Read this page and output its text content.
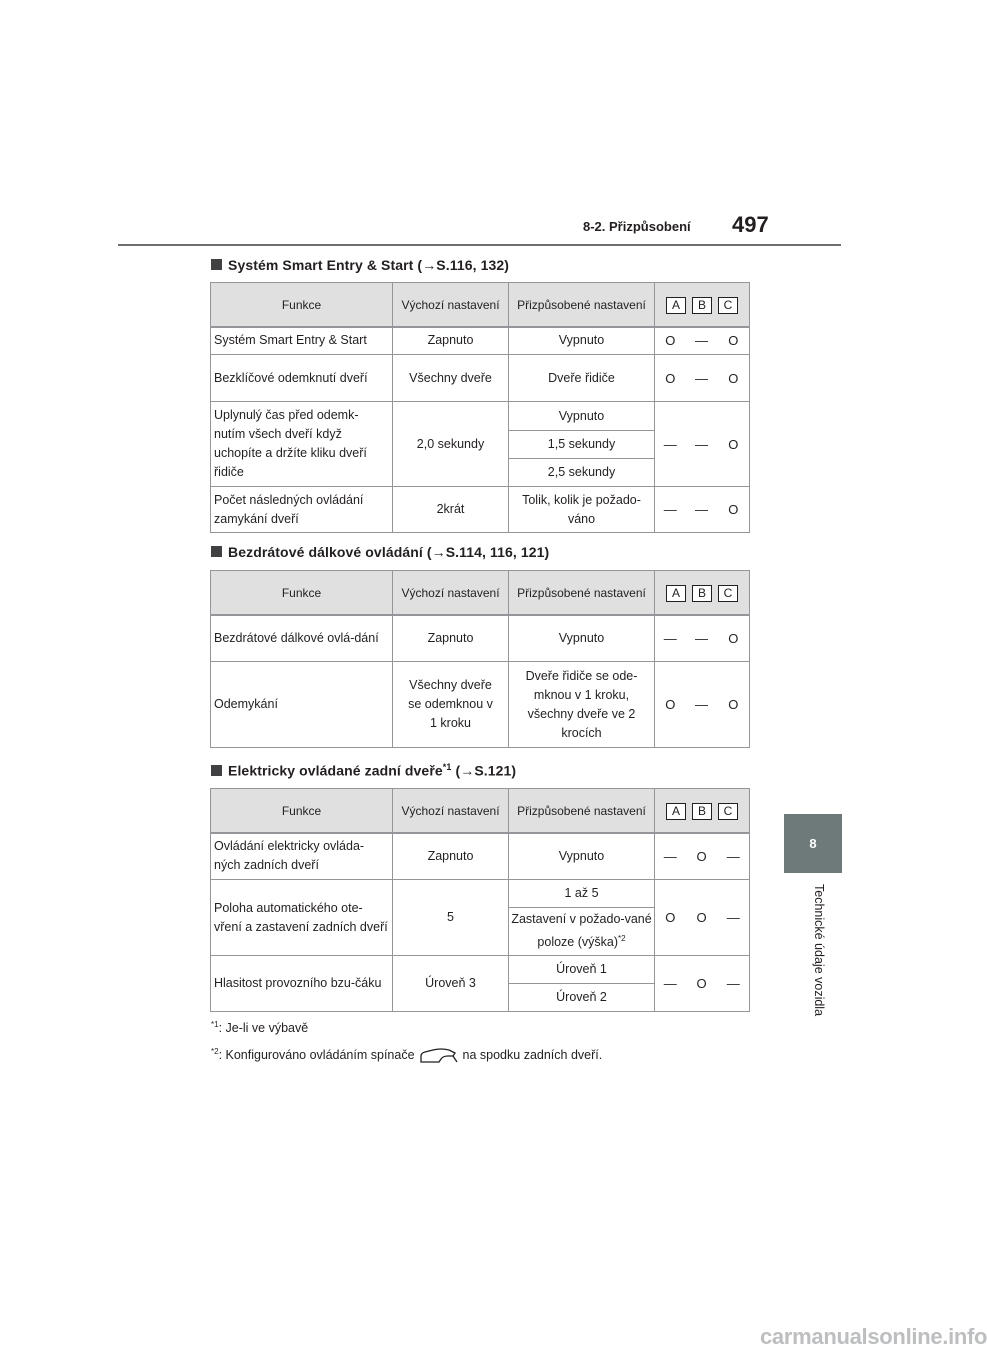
8-2. Přizpůsobení 497
8
Technické údaje vozidla
Systém Smart Entry & Start (→S.116, 132)
Funkce	Výchozí nastavení	Přizpůsobené nastavení	A	B	C
Systém Smart Entry & Start	Zapnuto	Vypnuto	O	—	O
Bezklíčové odemknutí dveří	Všechny dveře	Dveře řidiče	O	—	O
Uplynulý čas před odemk-nutím všech dveří když uchopíte a držíte kliku dveří řidiče	2,0 sekundy	Vypnuto	—	—	O
		1,5 sekundy			
		2,5 sekundy			
Počet následných ovládání zamykání dveří	2krát	Tolik, kolik je požado-váno	—	—	O
Bezdrátové dálkové ovládání (→S.114, 116, 121)
Funkce	Výchozí nastavení	Přizpůsobené nastavení	A	B	C
Bezdrátové dálkové ovlá-dání	Zapnuto	Vypnuto	—	—	O
Odemykání	Všechny dveře se odemknou v 1 kroku	Dveře řidiče se ode-mknou v 1 kroku, všechny dveře ve 2 krocích	O	—	O
Elektricky ovládané zadní dveře$^{*1}$ (→S.121)
Funkce	Výchozí nastavení	Přizpůsobené nastavení	A	B	C
Ovládání elektricky ovláda-ných zadních dveří	Zapnuto	Vypnuto	—	O	—
Poloha automatického ote-vření a zastavení zadních dveří	5	1 až 5	O	O	—
		Zastavení v požado-vané poloze (výška)$^{*2}$
Hlasitost provozního bzu-čáku	Úroveň 3	Úroveň 1	—	O	—
		Úroveň 2			
$^{*1}$: Je-li ve výbavě
$^{*2}$: Konfigurováno ovládáním spínače	na spodku zadních dveří.
carmanualsonline.info
